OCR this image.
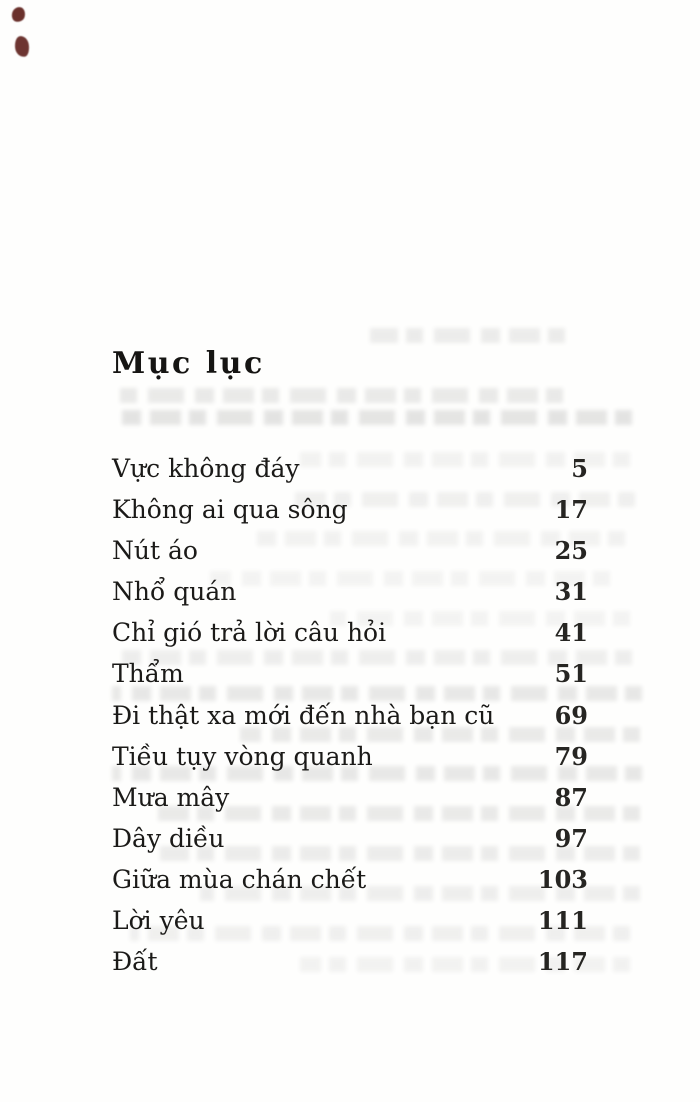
Mục lục
Vực không đáy	5
Không ai qua sông	17
Nút áo	25
Nhổ quán	31
Chỉ gió trả lời câu hỏi	41
Thẩm	51
Đi thật xa mới đến nhà bạn cũ	69
Tiều tụy vòng quanh	79
Mưa mây	87
Dây diều	97
Giữa mùa chán chết	103
Lời yêu	111
Đất	117
